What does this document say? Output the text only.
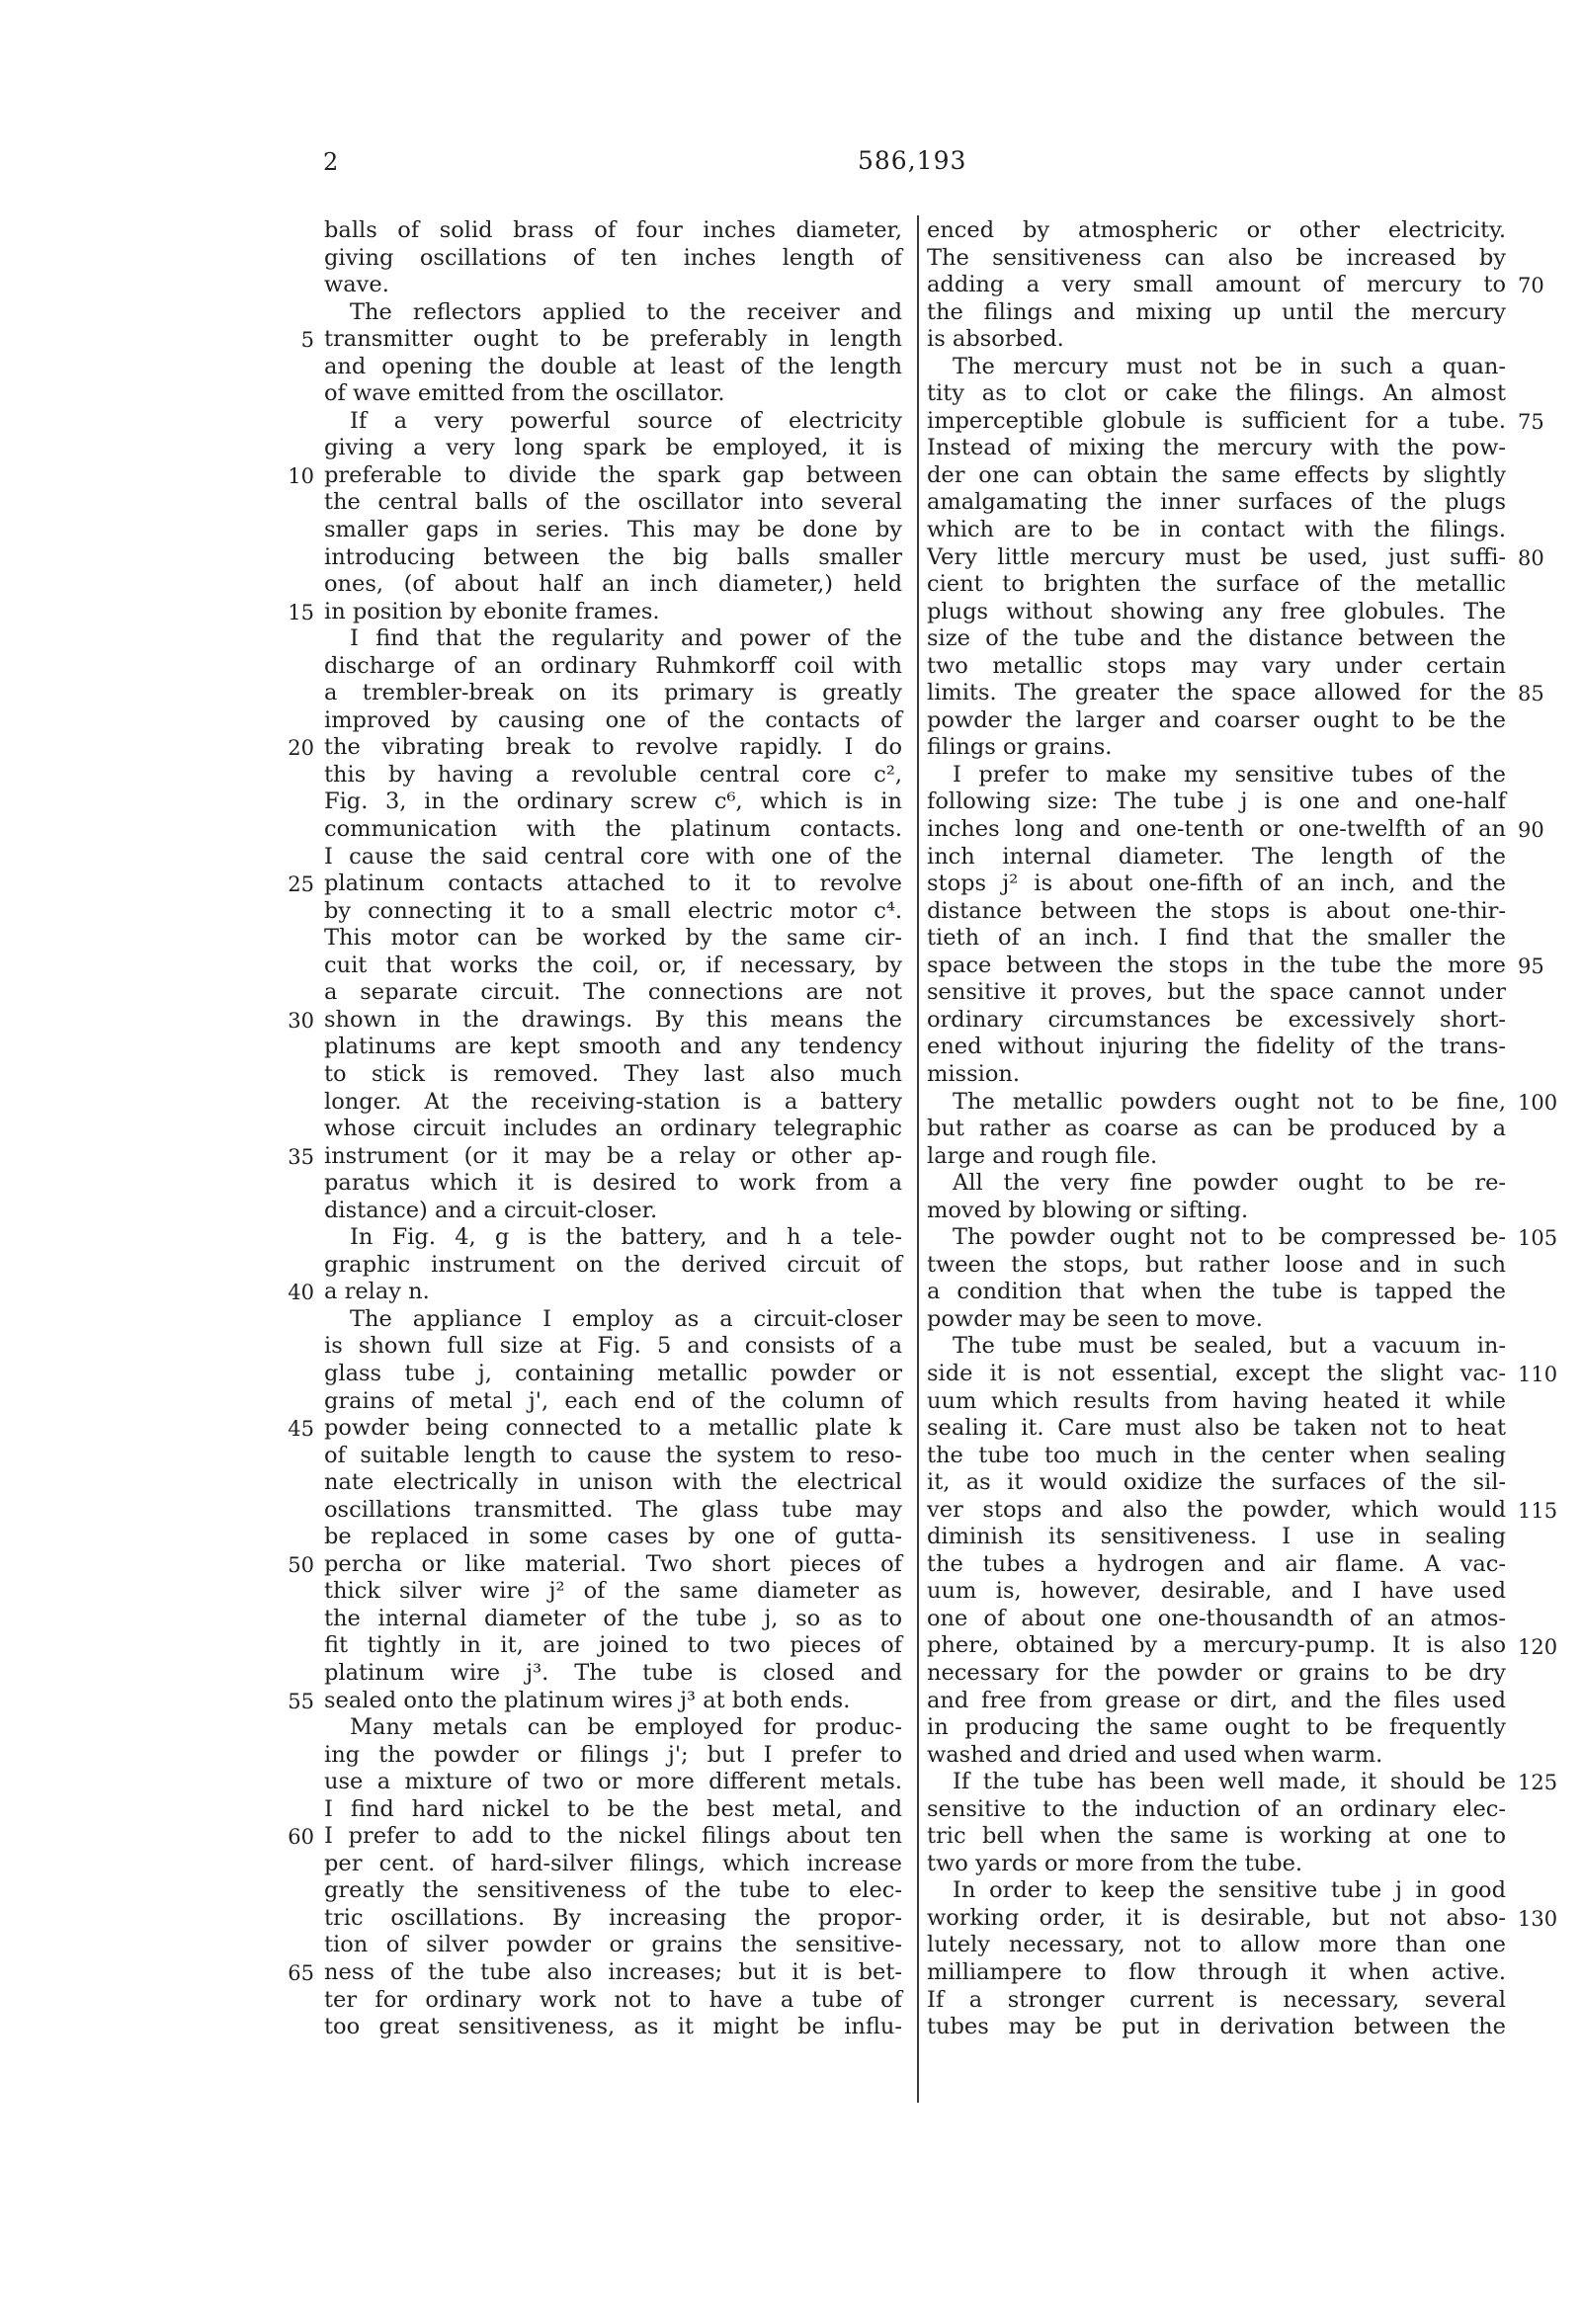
2	586,193
balls of solid brass of four inches diameter,
giving oscillations of ten inches length of
wave.
The reflectors applied to the receiver and
transmitter ought to be preferably in length
and opening the double at least of the length
of wave emitted from the oscillator.
If a very powerful source of electricity
giving a very long spark be employed, it is
preferable to divide the spark gap between
the central balls of the oscillator into several
smaller gaps in series. This may be done by
introducing between the big balls smaller
ones, (of about half an inch diameter,) held
in position by ebonite frames.
I find that the regularity and power of the
discharge of an ordinary Ruhmkorff coil with
a trembler-break on its primary is greatly
improved by causing one of the contacts of
the vibrating break to revolve rapidly. I do
this by having a revoluble central core c²,
Fig. 3, in the ordinary screw c⁶, which is in
communication with the platinum contacts.
I cause the said central core with one of the
platinum contacts attached to it to revolve
by connecting it to a small electric motor c⁴.
This motor can be worked by the same cir-
cuit that works the coil, or, if necessary, by
a separate circuit. The connections are not
shown in the drawings. By this means the
platinums are kept smooth and any tendency
to stick is removed. They last also much
longer. At the receiving-station is a battery
whose circuit includes an ordinary telegraphic
instrument (or it may be a relay or other ap-
paratus which it is desired to work from a
distance) and a circuit-closer.
In Fig. 4, g is the battery, and h a tele-
graphic instrument on the derived circuit of
a relay n.
The appliance I employ as a circuit-closer
is shown full size at Fig. 5 and consists of a
glass tube j, containing metallic powder or
grains of metal j', each end of the column of
powder being connected to a metallic plate k
of suitable length to cause the system to reso-
nate electrically in unison with the electrical
oscillations transmitted. The glass tube may
be replaced in some cases by one of gutta-
percha or like material. Two short pieces of
thick silver wire j² of the same diameter as
the internal diameter of the tube j, so as to
fit tightly in it, are joined to two pieces of
platinum wire j³. The tube is closed and
sealed onto the platinum wires j³ at both ends.
Many metals can be employed for produc-
ing the powder or filings j'; but I prefer to
use a mixture of two or more different metals.
I find hard nickel to be the best metal, and
I prefer to add to the nickel filings about ten
per cent. of hard-silver filings, which increase
greatly the sensitiveness of the tube to elec-
tric oscillations. By increasing the propor-
tion of silver powder or grains the sensitive-
ness of the tube also increases; but it is bet-
ter for ordinary work not to have a tube of
too great sensitiveness, as it might be influ-
enced by atmospheric or other electricity.
The sensitiveness can also be increased by
adding a very small amount of mercury to
the filings and mixing up until the mercury
is absorbed.
The mercury must not be in such a quan-
tity as to clot or cake the filings. An almost
imperceptible globule is sufficient for a tube.
Instead of mixing the mercury with the pow-
der one can obtain the same effects by slightly
amalgamating the inner surfaces of the plugs
which are to be in contact with the filings.
Very little mercury must be used, just suffi-
cient to brighten the surface of the metallic
plugs without showing any free globules. The
size of the tube and the distance between the
two metallic stops may vary under certain
limits. The greater the space allowed for the
powder the larger and coarser ought to be the
filings or grains.
I prefer to make my sensitive tubes of the
following size: The tube j is one and one-half
inches long and one-tenth or one-twelfth of an
inch internal diameter. The length of the
stops j² is about one-fifth of an inch, and the
distance between the stops is about one-thir-
tieth of an inch. I find that the smaller the
space between the stops in the tube the more
sensitive it proves, but the space cannot under
ordinary circumstances be excessively short-
ened without injuring the fidelity of the trans-
mission.
The metallic powders ought not to be fine,
but rather as coarse as can be produced by a
large and rough file.
All the very fine powder ought to be re-
moved by blowing or sifting.
The powder ought not to be compressed be-
tween the stops, but rather loose and in such
a condition that when the tube is tapped the
powder may be seen to move.
The tube must be sealed, but a vacuum in-
side it is not essential, except the slight vac-
uum which results from having heated it while
sealing it. Care must also be taken not to heat
the tube too much in the center when sealing
it, as it would oxidize the surfaces of the sil-
ver stops and also the powder, which would
diminish its sensitiveness. I use in sealing
the tubes a hydrogen and air flame. A vac-
uum is, however, desirable, and I have used
one of about one one-thousandth of an atmos-
phere, obtained by a mercury-pump. It is also
necessary for the powder or grains to be dry
and free from grease or dirt, and the files used
in producing the same ought to be frequently
washed and dried and used when warm.
If the tube has been well made, it should be
sensitive to the induction of an ordinary elec-
tric bell when the same is working at one to
two yards or more from the tube.
In order to keep the sensitive tube j in good
working order, it is desirable, but not abso-
lutely necessary, not to allow more than one
milliampere to flow through it when active.
If a stronger current is necessary, several
tubes may be put in derivation between the
5
10
15
20
25
30
35
40
45
50
55
60
65
70
75
80
85
90
95
100
105
110
115
120
125
130
